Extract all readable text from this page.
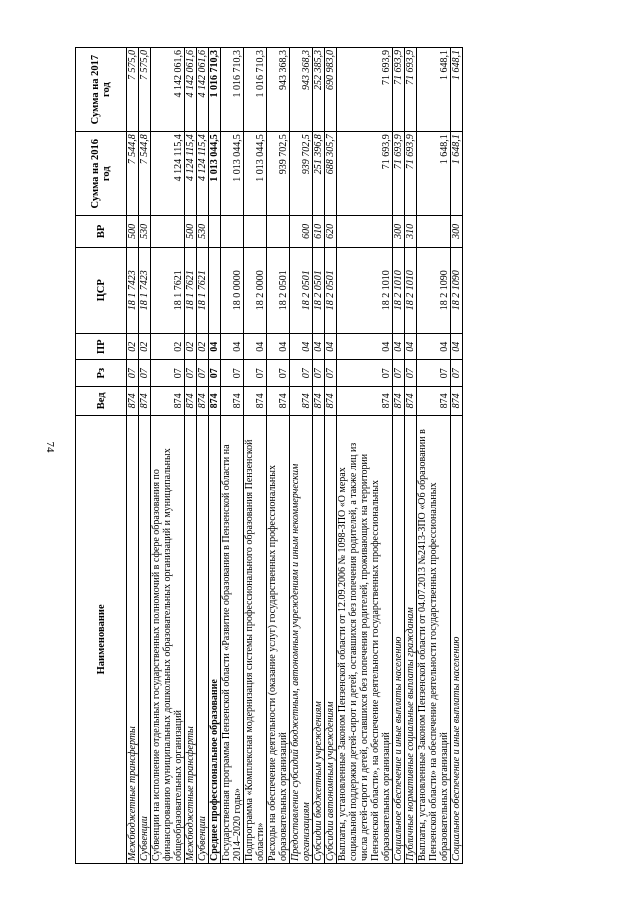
74
Наименование	Вед	Рз	ПР	ЦСР	ВР	Сумма на 2016 год	Сумма на 2017 год
Межбюджетные трансферты	874	07	02	18 1 7423	500	7 544,8	7 575,0
Субвенции	874	07	02	18 1 7423	530	7 544,8	7 575,0
Субвенции на исполнение отдельных государственных полномочий в сфере образования по финансированию муниципальных дошкольных образовательных организаций и муниципальных общеобразовательных организаций	874	07	02	18 1 7621		4 124 115,4	4 142 061,6
Межбюджетные трансферты	874	07	02	18 1 7621	500	4 124 115,4	4 142 061,6
Субвенции	874	07	02	18 1 7621	530	4 124 115,4	4 142 061,6
Среднее профессиональное образование	874	07	04			1 013 044,5	1 016 710,3
Государственная программа Пензенской области «Развитие образования в Пензенской области на 2014–2020 годы»	874	07	04	18 0 0000		1 013 044,5	1 016 710,3
Подпрограмма «Комплексная модернизация системы профессионального образования Пензенской области»	874	07	04	18 2 0000		1 013 044,5	1 016 710,3
Расходы на обеспечение деятельности (оказание услуг) государственных профессиональных образовательных организаций	874	07	04	18 2 0501		939 702,5	943 368,3
Предоставление субсидий бюджетным, автономным учреждениям и иным некоммерческим организациям	874	07	04	18 2 0501	600	939 702,5	943 368,3
Субсидии бюджетным учреждениям	874	07	04	18 2 0501	610	251 396,8	252 385,3
Субсидии автономным учреждениям	874	07	04	18 2 0501	620	688 305,7	690 983,0
Выплаты, установленные Законом Пензенской области от 12.09.2006 № 1098-ЗПО «О мерах социальной поддержки детей-сирот и детей, оставшихся без попечения родителей, а также лиц из числа детей-сирот и детей, оставшихся без попечения родителей, проживающих на территории Пензенской области», на обеспечение деятельности государственных профессиональных образовательных организаций	874	07	04	18 2 1010		71 693,9	71 693,9
Социальное обеспечение и иные выплаты населению	874	07	04	18 2 1010	300	71 693,9	71 693,9
Публичные нормативные социальные выплаты гражданам	874	07	04	18 2 1010	310	71 693,9	71 693,9
Выплаты, установленные Законом Пензенской области от 04.07.2013 №2413-ЗПО «Об образовании в Пензенской области» на обеспечение деятельности государственных профессиональных образовательных организаций	874	07	04	18 2 1090		1 648,1	1 648,1
Социальное обеспечение и иные выплаты населению	874	07	04	18 2 1090	300	1 648,1	1 648,1
